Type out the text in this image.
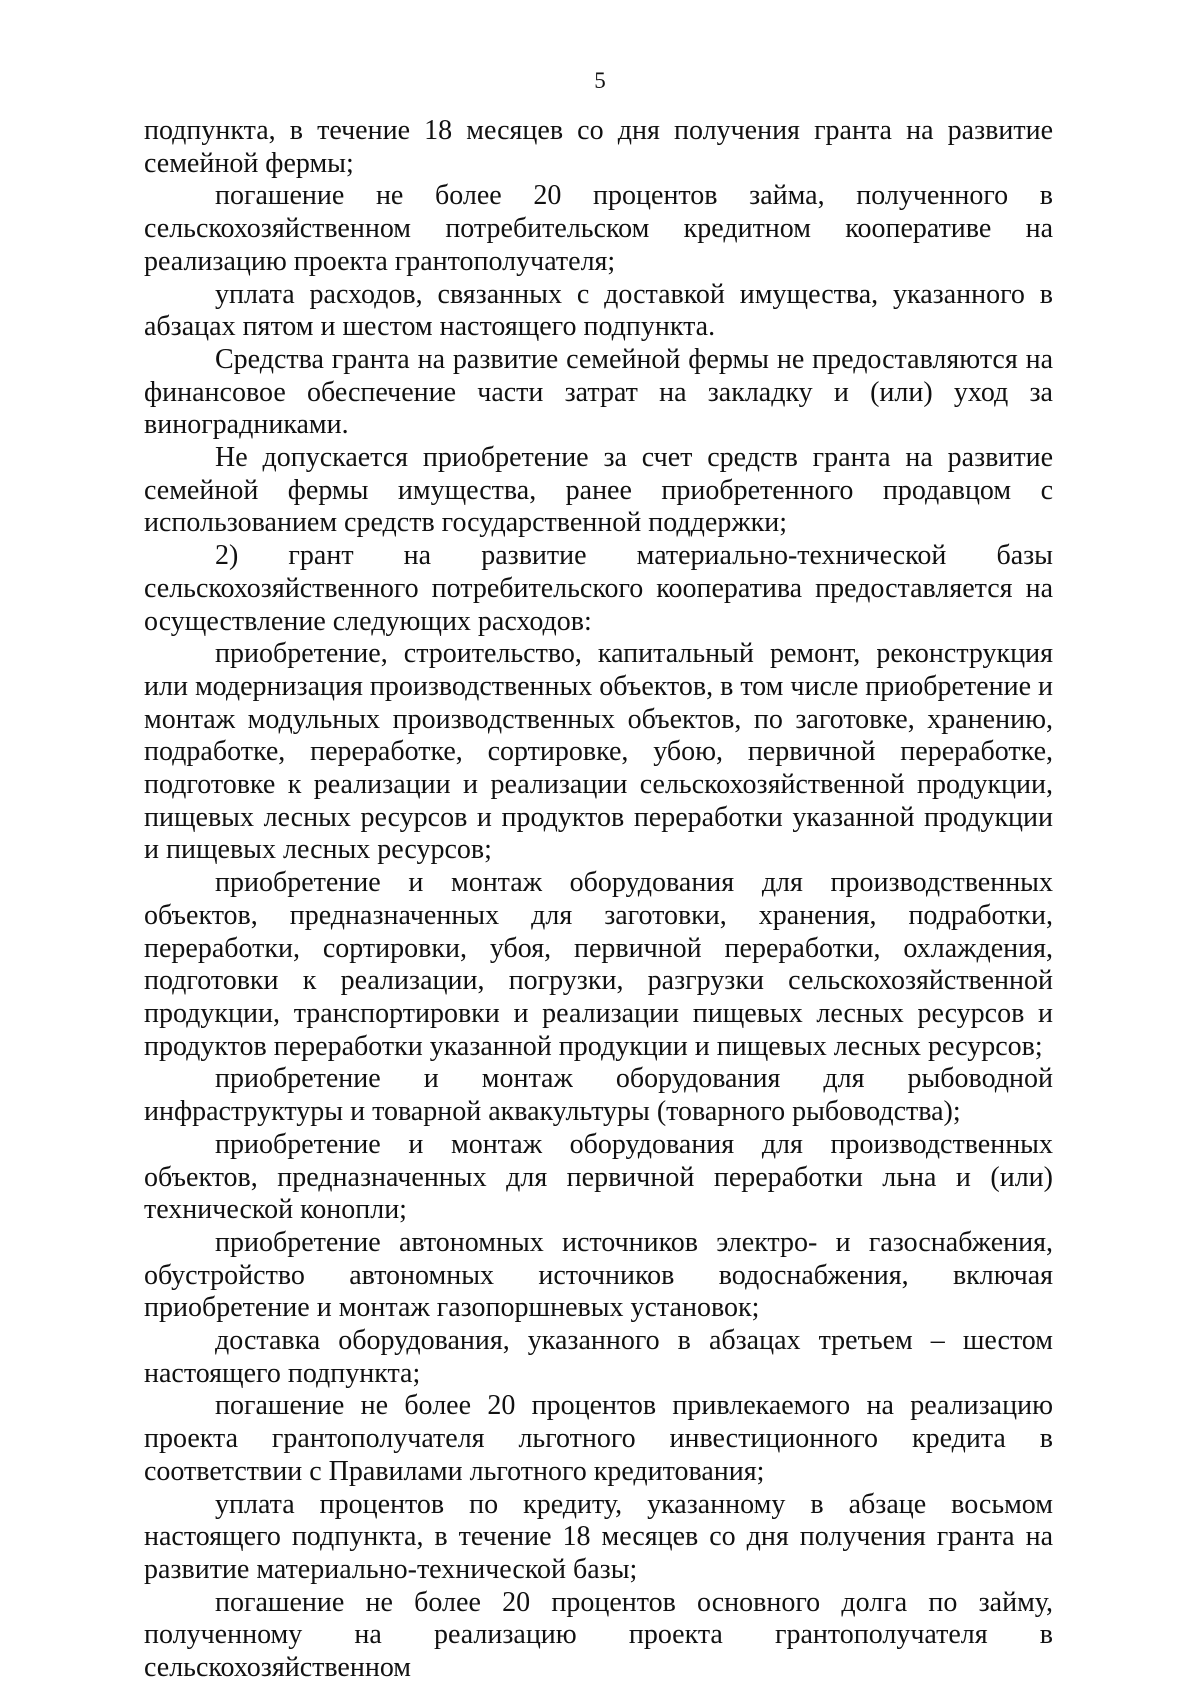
5

подпункта, в течение 18 месяцев со дня получения гранта на развитие семейной фермы;

погашение не более 20 процентов займа, полученного в сельскохозяйственном потребительском кредитном кооперативе на реализацию проекта грантополучателя;

уплата расходов, связанных с доставкой имущества, указанного в абзацах пятом и шестом настоящего подпункта.

Средства гранта на развитие семейной фермы не предоставляются на финансовое обеспечение части затрат на закладку и (или) уход за виноградниками.

Не допускается приобретение за счет средств гранта на развитие семейной фермы имущества, ранее приобретенного продавцом с использованием средств государственной поддержки;

2) грант на развитие материально-технической базы сельскохозяйственного потребительского кооператива предоставляется на осуществление следующих расходов:

приобретение, строительство, капитальный ремонт, реконструкция или модернизация производственных объектов, в том числе приобретение и монтаж модульных производственных объектов, по заготовке, хранению, подработке, переработке, сортировке, убою, первичной переработке, подготовке к реализации и реализации сельскохозяйственной продукции, пищевых лесных ресурсов и продуктов переработки указанной продукции и пищевых лесных ресурсов;

приобретение и монтаж оборудования для производственных объектов, предназначенных для заготовки, хранения, подработки, переработки, сортировки, убоя, первичной переработки, охлаждения, подготовки к реализации, погрузки, разгрузки сельскохозяйственной продукции, транспортировки и реализации пищевых лесных ресурсов и продуктов переработки указанной продукции и пищевых лесных ресурсов;

приобретение и монтаж оборудования для рыбоводной инфраструктуры и товарной аквакультуры (товарного рыбоводства);

приобретение и монтаж оборудования для производственных объектов, предназначенных для первичной переработки льна и (или) технической конопли;

приобретение автономных источников электро- и газоснабжения, обустройство автономных источников водоснабжения, включая приобретение и монтаж газопоршневых установок;

доставка оборудования, указанного в абзацах третьем – шестом настоящего подпункта;

погашение не более 20 процентов привлекаемого на реализацию проекта грантополучателя льготного инвестиционного кредита в соответствии с Правилами льготного кредитования;

уплата процентов по кредиту, указанному в абзаце восьмом настоящего подпункта, в течение 18 месяцев со дня получения гранта на развитие материально-технической базы;

погашение не более 20 процентов основного долга по займу, полученному на реализацию проекта грантополучателя в сельскохозяйственном
